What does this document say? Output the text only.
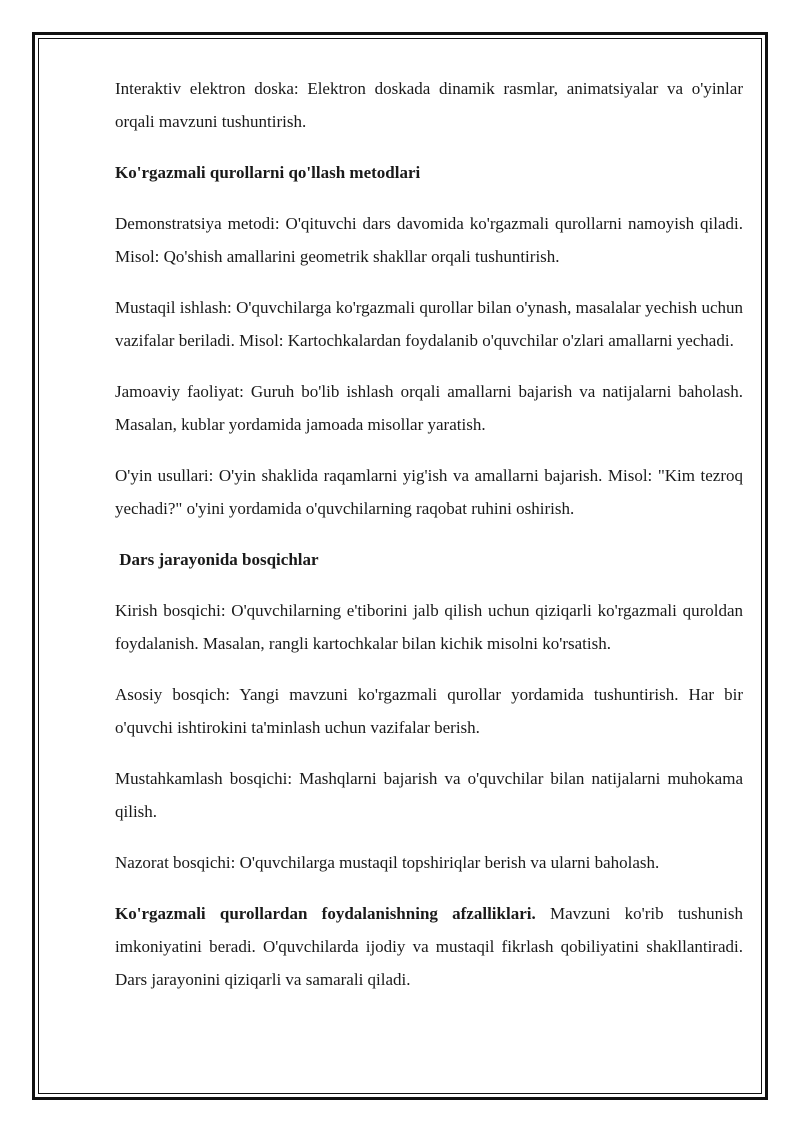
Interaktiv elektron doska: Elektron doskada dinamik rasmlar, animatsiyalar va o'yinlar orqali mavzuni tushuntirish.

Ko'rgazmali qurollarni qo'llash metodlari

Demonstratsiya metodi: O'qituvchi dars davomida ko'rgazmali qurollarni namoyish qiladi. Misol: Qo'shish amallarini geometrik shakllar orqali tushuntirish.

Mustaqil ishlash: O'quvchilarga ko'rgazmali qurollar bilan o'ynash, masalalar yechish uchun vazifalar beriladi. Misol: Kartochkalardan foydalanib o'quvchilar o'zlari amallarni yechadi.

Jamoaviy faoliyat: Guruh bo'lib ishlash orqali amallarni bajarish va natijalarni baholash. Masalan, kublar yordamida jamoada misollar yaratish.

O'yin usullari: O'yin shaklida raqamlarni yig'ish va amallarni bajarish. Misol: "Kim tezroq yechadi?" o'yini yordamida o'quvchilarning raqobat ruhini oshirish.

Dars jarayonida bosqichlar

Kirish bosqichi: O'quvchilarning e'tiborini jalb qilish uchun qiziqarli ko'rgazmali quroldan foydalanish. Masalan, rangli kartochkalar bilan kichik misolni ko'rsatish.

Asosiy bosqich: Yangi mavzuni ko'rgazmali qurollar yordamida tushuntirish. Har bir o'quvchi ishtirokini ta'minlash uchun vazifalar berish.

Mustahkamlash bosqichi: Mashqlarni bajarish va o'quvchilar bilan natijalarni muhokama qilish.

Nazorat bosqichi: O'quvchilarga mustaqil topshiriqlar berish va ularni baholash.

Ko'rgazmali qurollardan foydalanishning afzalliklari. Mavzuni ko'rib tushunish imkoniyatini beradi. O'quvchilarda ijodiy va mustaqil fikrlash qobiliyatini shakllantiradi. Dars jarayonini qiziqarli va samarali qiladi.
